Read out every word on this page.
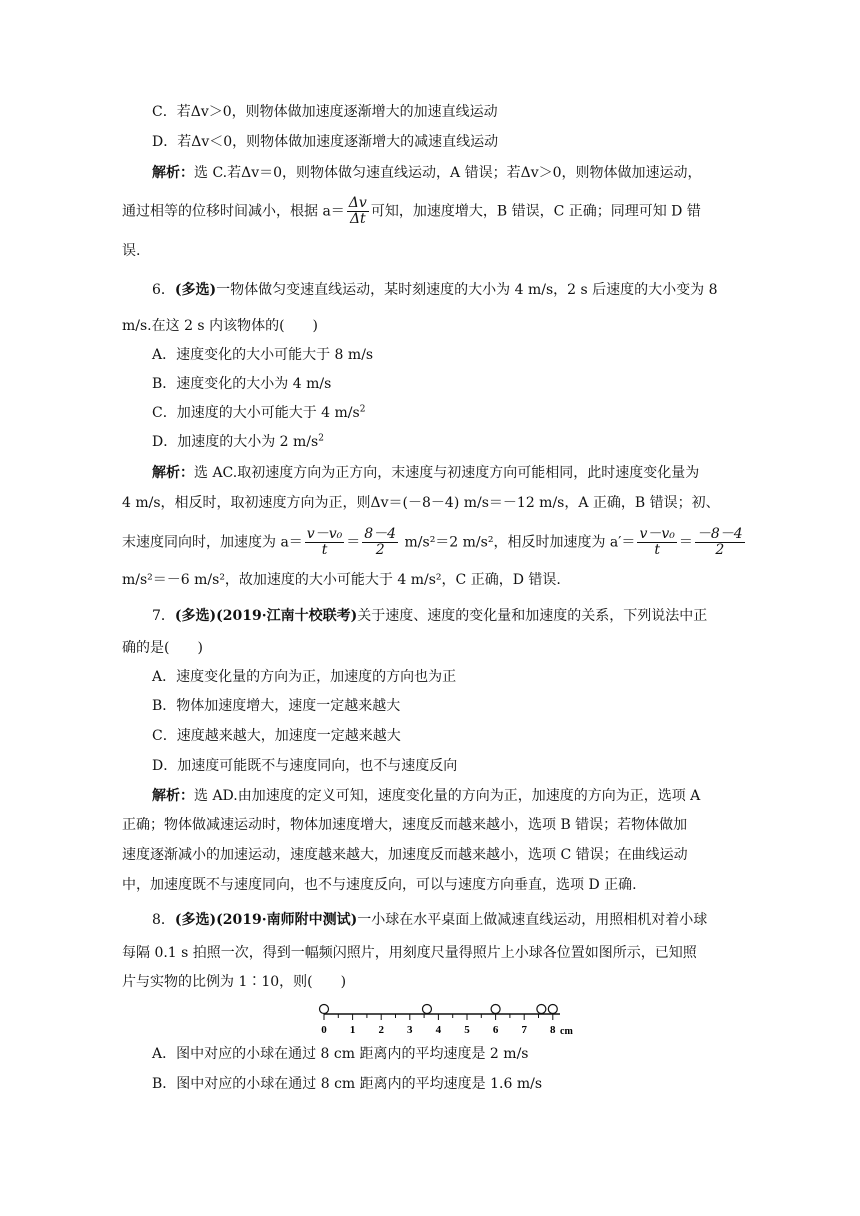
C．若Δv＞0，则物体做加速度逐渐增大的加速直线运动
D．若Δv＜0，则物体做加速度逐渐增大的减速直线运动
解析：选 C.若Δv＝0，则物体做匀速直线运动，A 错误；若Δv＞0，则物体做加速运动，
通过相等的位移时间减小，根据 $a= \frac{\Delta v}{\Delta t}$ 可知，加速度增大，B 错误，C 正确；同理可知 D 错
误.
6．(多选)一物体做匀变速直线运动，某时刻速度的大小为 4 m/s，2 s 后速度的大小变为 8
m/s.在这 2 s 内该物体的(　　)
A．速度变化的大小可能大于 8 m/s
B．速度变化的大小为 4 m/s
C．加速度的大小可能大于 4 $m/s^2$
D．加速度的大小为 2 $m/s^2$
解析：选 AC.取初速度方向为正方向，末速度与初速度方向可能相同，此时速度变化量为
4 m/s，相反时，取初速度方向为正，则Δv＝(－8－4) m/s＝－12 m/s，A 正确，B 错误；初、
末速度同向时，加速度为 $a= \frac{\text{v－v₀}}{t} = \frac{8-4}{2} m/s^2=2$ m/s²，相反时加速度为 $a'= \frac{\text{v－v₀}}{t} = \frac{-8-4}{2}$
m/s²＝－6 m/s²，故加速度的大小可能大于 4 m/s²，C 正确，D 错误.
7．(多选)(2019·江南十校联考)关于速度、速度的变化量和加速度的关系，下列说法中正
确的是(　　)
A．速度变化量的方向为正，加速度的方向也为正
B．物体加速度增大，速度一定越来越大
C．速度越来越大，加速度一定越来越大
D．加速度可能既不与速度同向，也不与速度反向
解析：选 AD.由加速度的定义可知，速度变化量的方向为正，加速度的方向为正，选项 A
正确；物体做减速运动时，物体加速度增大，速度反而越来越小，选项 B 错误；若物体做加
速度逐渐减小的加速运动，速度越来越大，加速度反而越来越小，选项 C 错误；在曲线运动
中，加速度既不与速度同向，也不与速度反向，可以与速度方向垂直，选项 D 正确.
8．(多选)(2019·南师附中测试)一小球在水平桌面上做减速直线运动，用照相机对着小球
每隔 0.1 s 拍照一次，得到一幅频闪照片，用刻度尺量得照片上小球各位置如图所示，已知照
片与实物的比例为 1∶10，则(　　)
0 1 2 3 4 5 6 7 8 cm
A．图中对应的小球在通过 8 cm 距离内的平均速度是 2 m/s
B．图中对应的小球在通过 8 cm 距离内的平均速度是 1.6 m/s
